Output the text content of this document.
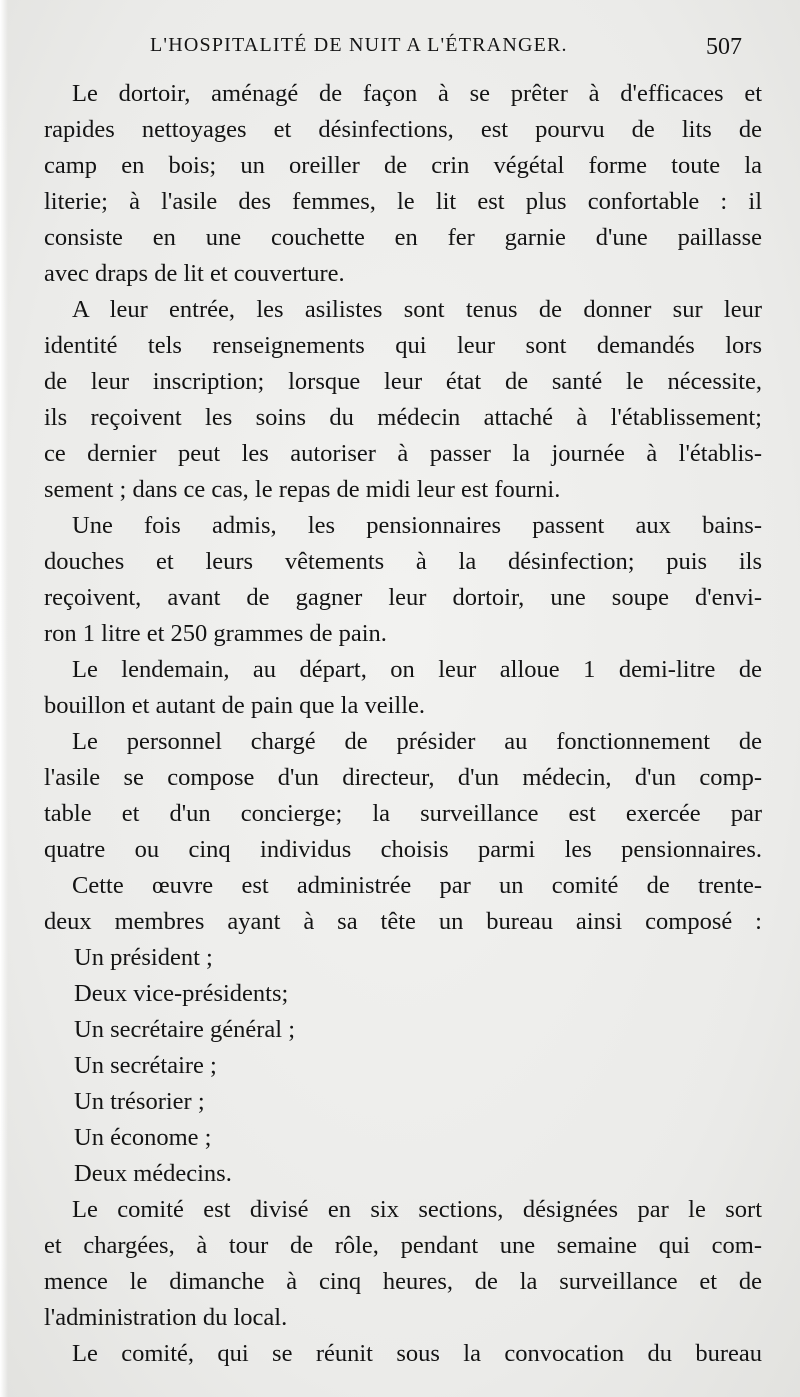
L'HOSPITALITÉ DE NUIT A L'ÉTRANGER.	507
Le dortoir, aménagé de façon à se prêter à d'efficaces et
rapides nettoyages et désinfections, est pourvu de lits de
camp en bois; un oreiller de crin végétal forme toute la
literie; à l'asile des femmes, le lit est plus confortable : il
consiste en une couchette en fer garnie d'une paillasse
avec draps de lit et couverture.
A leur entrée, les asilistes sont tenus de donner sur leur
identité tels renseignements qui leur sont demandés lors
de leur inscription; lorsque leur état de santé le nécessite,
ils reçoivent les soins du médecin attaché à l'établissement;
ce dernier peut les autoriser à passer la journée à l'établis-
sement ; dans ce cas, le repas de midi leur est fourni.
Une fois admis, les pensionnaires passent aux bains-
douches et leurs vêtements à la désinfection; puis ils
reçoivent, avant de gagner leur dortoir, une soupe d'envi-
ron 1 litre et 250 grammes de pain.
Le lendemain, au départ, on leur alloue 1 demi-litre de
bouillon et autant de pain que la veille.
Le personnel chargé de présider au fonctionnement de
l'asile se compose d'un directeur, d'un médecin, d'un comp-
table et d'un concierge; la surveillance est exercée par
quatre ou cinq individus choisis parmi les pensionnaires.
Cette œuvre est administrée par un comité de trente-
deux membres ayant à sa tête un bureau ainsi composé :
Un président ;
Deux vice-présidents;
Un secrétaire général ;
Un secrétaire ;
Un trésorier ;
Un économe ;
Deux médecins.
Le comité est divisé en six sections, désignées par le sort
et chargées, à tour de rôle, pendant une semaine qui com-
mence le dimanche à cinq heures, de la surveillance et de
l'administration du local.
Le comité, qui se réunit sous la convocation du bureau
